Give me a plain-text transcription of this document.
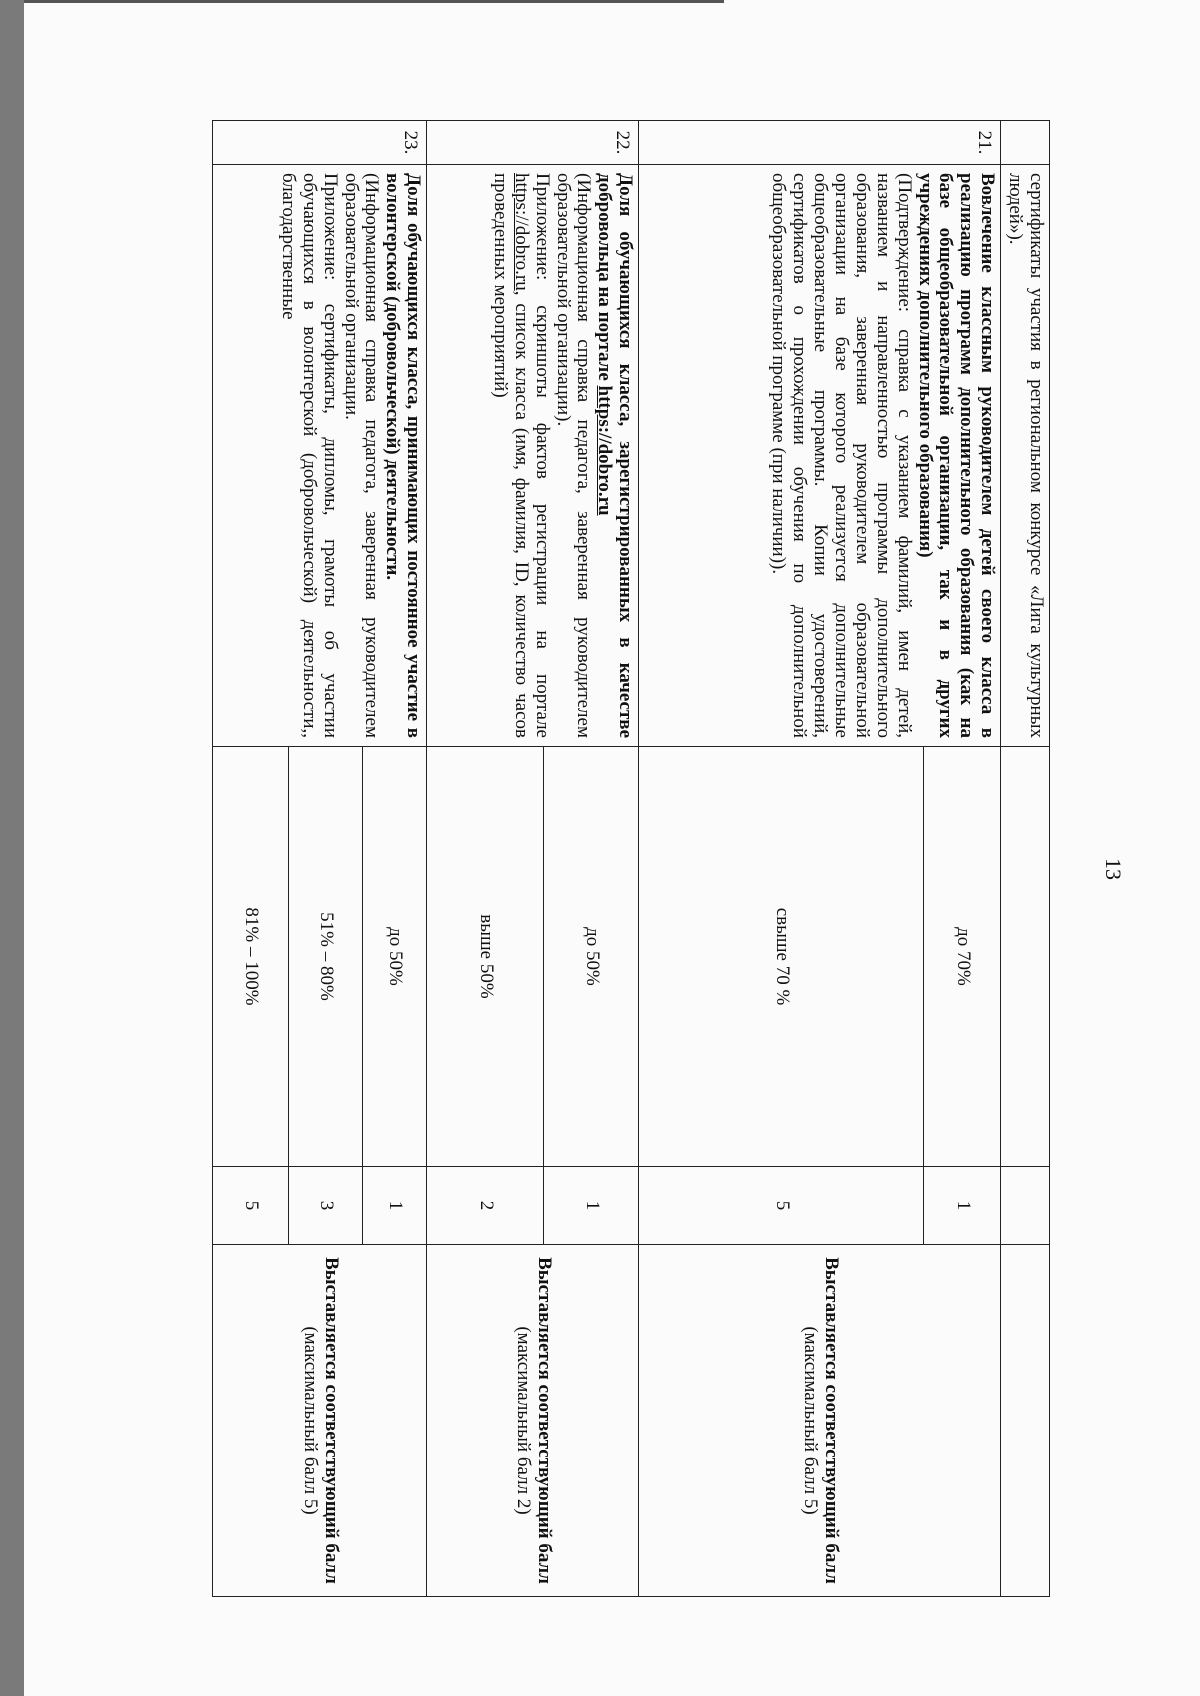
13
	сертификаты участия в региональном конкурсе «Лига культурных людей»).			
21.	Вовлечение классным руководителем детей своего класса в реализацию программ дополнительного образования (как на базе общеобразовательной организации, так и в других учреждениях дополнительного образования)
(Подтверждение: справка с указанием фамилий, имен детей, названием и направленностью программы дополнительного образования, заверенная руководителем образовательной организации на базе которого реализуется дополнительные общеобразовательные программы. Копии удостоверений, сертификатов о прохождении обучения по дополнительной общеобразовательной программе (при наличии)).	до 70%	1	Выставляется соответствующий балл
(максимальный балл 5)
		свыше 70 %	5	
22.	Доля обучающихся класса, зарегистрированных в качестве добровольца на портале https://dobro.ru
(Информационная справка педагога, заверенная руководителем образовательной организации).
Приложение: скриншоты фактов регистрации на портале https://dobro.ru, список класса (имя, фамилия, ID, количество часов проведенных мероприятий)	до 50%	1	Выставляется соответствующий балл
(максимальный балл 2)
		выше 50%	2	
23.	Доля обучающихся класса, принимающих постоянное участие в волонтерской (добровольческой) деятельности.
(Информационная справка педагога, заверенная руководителем образовательной организации.
Приложение: сертификаты, дипломы, грамоты об участии обучающихся в волонтерской (добровольческой) деятельности,, благодарственные	до 50%	1	Выставляется соответствующий балл
(максимальный балл 5)
		51% – 80%	3	
		81% – 100%	5	
